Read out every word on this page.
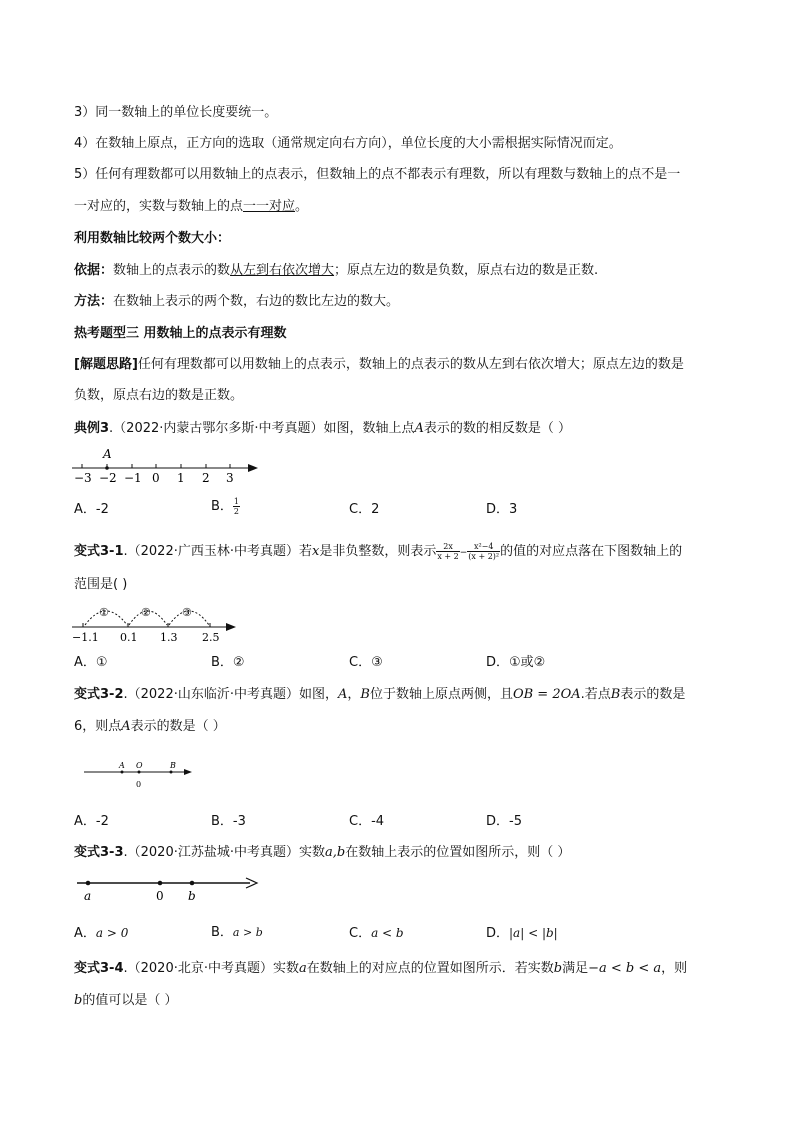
3）同一数轴上的单位长度要统一。
4）在数轴上原点，正方向的选取（通常规定向右方向），单位长度的大小需根据实际情况而定。
5）任何有理数都可以用数轴上的点表示，但数轴上的点不都表示有理数，所以有理数与数轴上的点不是一
一对应的，实数与数轴上的点一一对应。
利用数轴比较两个数大小：
依据：数轴上的点表示的数从左到右依次增大；原点左边的数是负数，原点右边的数是正数.
方法：在数轴上表示的两个数，右边的数比左边的数大。
热考题型三 用数轴上的点表示有理数
[解题思路]任何有理数都可以用数轴上的点表示，数轴上的点表示的数从左到右依次增大；原点左边的数是
负数，原点右边的数是正数。
典例3.（2022·内蒙古鄂尔多斯·中考真题）如图，数轴上点A表示的数的相反数是（ ）
A
−3 −2 −1 0 1 2 3
A．-2	B． $\frac{1}{2}$	C．2	D．3
变式3-1.（2022·广西玉林·中考真题）若x是非负整数，则表示 $\frac{2x}{x + 2} - \frac{\text{x²−4}}{\text{(x + 2)²}}$ 的值的对应点落在下图数轴上的
范围是( )
①	②	③
−1.1 0.1 1.3 2.5
A．①	B．②	C．③	D．①或②
变式3-2.（2022·山东临沂·中考真题）如图，A，B位于数轴上原点两侧，且OB = 2OA.若点B表示的数是
6，则点A表示的数是（ ）
A O	B
0
A．-2	B．-3	C．-4	D．-5
变式3-3.（2020·江苏盐城·中考真题）实数a,b在数轴上表示的位置如图所示，则（ ）
a	0 b
A．a > 0	B．a > b	C．a < b	D．|a| < |b|
变式3-4.（2020·北京·中考真题）实数a在数轴上的对应点的位置如图所示．若实数b满足−a < b < a，则
b的值可以是（ ）
